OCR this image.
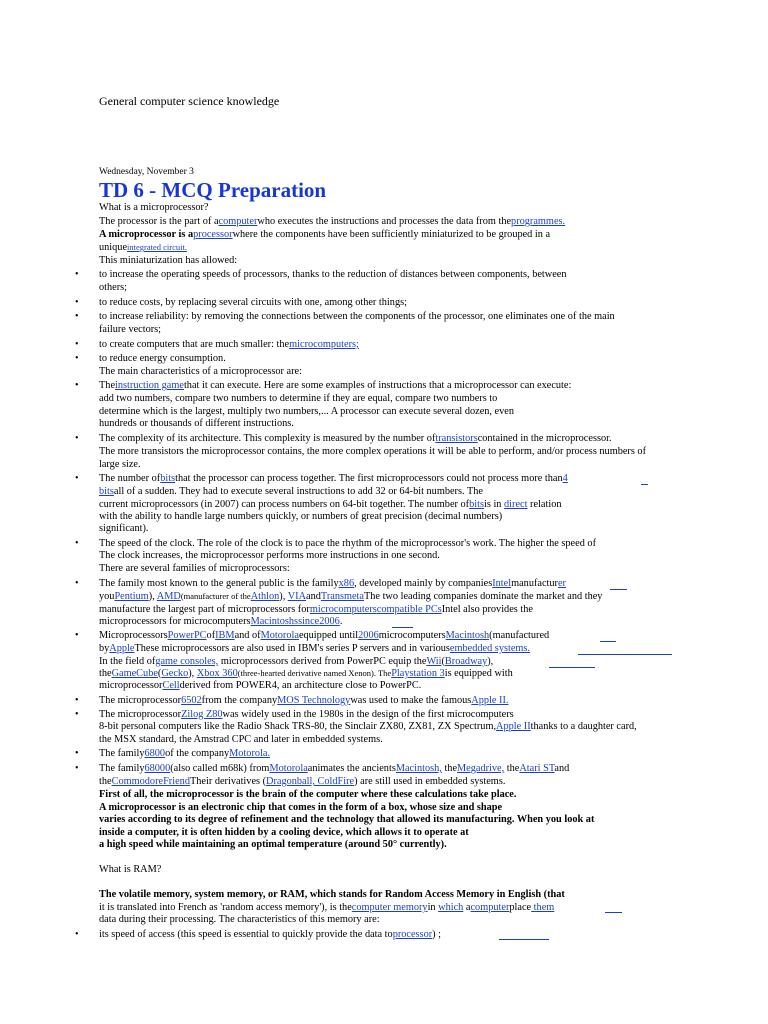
General computer science knowledge
Wednesday, November 3
TD 6 - MCQ Preparation
What is a microprocessor?
The processor is the part of acomputerwho executes the instructions and processes the data from theprogrammes.
A microprocessor is aprocessorwhere the components have been sufficiently miniaturized to be grouped in a
uniqueintegrated circuit.
This miniaturization has allowed:
• to increase the operating speeds of processors, thanks to the reduction of distances between components, between
others;
• to reduce costs, by replacing several circuits with one, among other things;
• to increase reliability: by removing the connections between the components of the processor, one eliminates one of the main
failure vectors;
• to create computers that are much smaller: themicrocomputers;
• to reduce energy consumption.
The main characteristics of a microprocessor are:
• Theinstruction gamethat it can execute. Here are some examples of instructions that a microprocessor can execute:
add two numbers, compare two numbers to determine if they are equal, compare two numbers to
determine which is the largest, multiply two numbers,... A processor can execute several dozen, even
hundreds or thousands of different instructions.
• The complexity of its architecture. This complexity is measured by the number oftransistorscontained in the microprocessor.
The more transistors the microprocessor contains, the more complex operations it will be able to perform, and/or process numbers of
large size.
• The number ofbitsthat the processor can process together. The first microprocessors could not process more than4
bitsall of a sudden. They had to execute several instructions to add 32 or 64-bit numbers. The
current microprocessors (in 2007) can process numbers on 64-bit together. The number ofbitsis in direct relation
with the ability to handle large numbers quickly, or numbers of great precision (decimal numbers)
significant).
• The speed of the clock. The role of the clock is to pace the rhythm of the microprocessor's work. The higher the speed of
The clock increases, the microprocessor performs more instructions in one second.
There are several families of microprocessors:
• The family most known to the general public is the familyx86, developed mainly by companiesIntelmanufacturer
youPentium), AMD(manufacturer of theAthlon), VIAandTransmetaThe two leading companies dominate the market and they
manufacture the largest part of microprocessors formicrocomputerscompatible PCsIntel also provides the
microprocessors for microcomputersMacintoshssince2006.
• MicroprocessorsPowerPCofIBMand ofMotorolaequipped until2006microcomputersMacintosh(manufactured
byAppleThese microprocessors are also used in IBM's series P servers and in variousembedded systems.
In the field ofgame consoles, microprocessors derived from PowerPC equip theWii(Broadway),
theGameCube(Gecko), Xbox 360(three-hearted derivative named Xenon). ThePlaystation 3is equipped with
microprocessorCellderived from POWER4, an architecture close to PowerPC.
• The microprocessor6502from the companyMOS Technologywas used to make the famousApple II.
• The microprocessorZilog Z80was widely used in the 1980s in the design of the first microcomputers
8-bit personal computers like the Radio Shack TRS-80, the Sinclair ZX80, ZX81, ZX Spectrum,Apple IIthanks to a daughter card,
the MSX standard, the Amstrad CPC and later in embedded systems.
• The family6800of the companyMotorola.
• The family68000(also called m68k) fromMotorolaanimates the ancientsMacintosh, theMegadrive, theAtari STand
theCommodoreFriendTheir derivatives (Dragonball, ColdFire) are still used in embedded systems.
First of all, the microprocessor is the brain of the computer where these calculations take place.
A microprocessor is an electronic chip that comes in the form of a box, whose size and shape
varies according to its degree of refinement and the technology that allowed its manufacturing. When you look at
inside a computer, it is often hidden by a cooling device, which allows it to operate at
a high speed while maintaining an optimal temperature (around 50° currently).
What is RAM?
The volatile memory, system memory, or RAM, which stands for Random Access Memory in English (that
it is translated into French as 'random access memory'), is thecomputer memoryin which acomputerplace them
data during their processing. The characteristics of this memory are:
• its speed of access (this speed is essential to quickly provide the data toprocessor) ;
